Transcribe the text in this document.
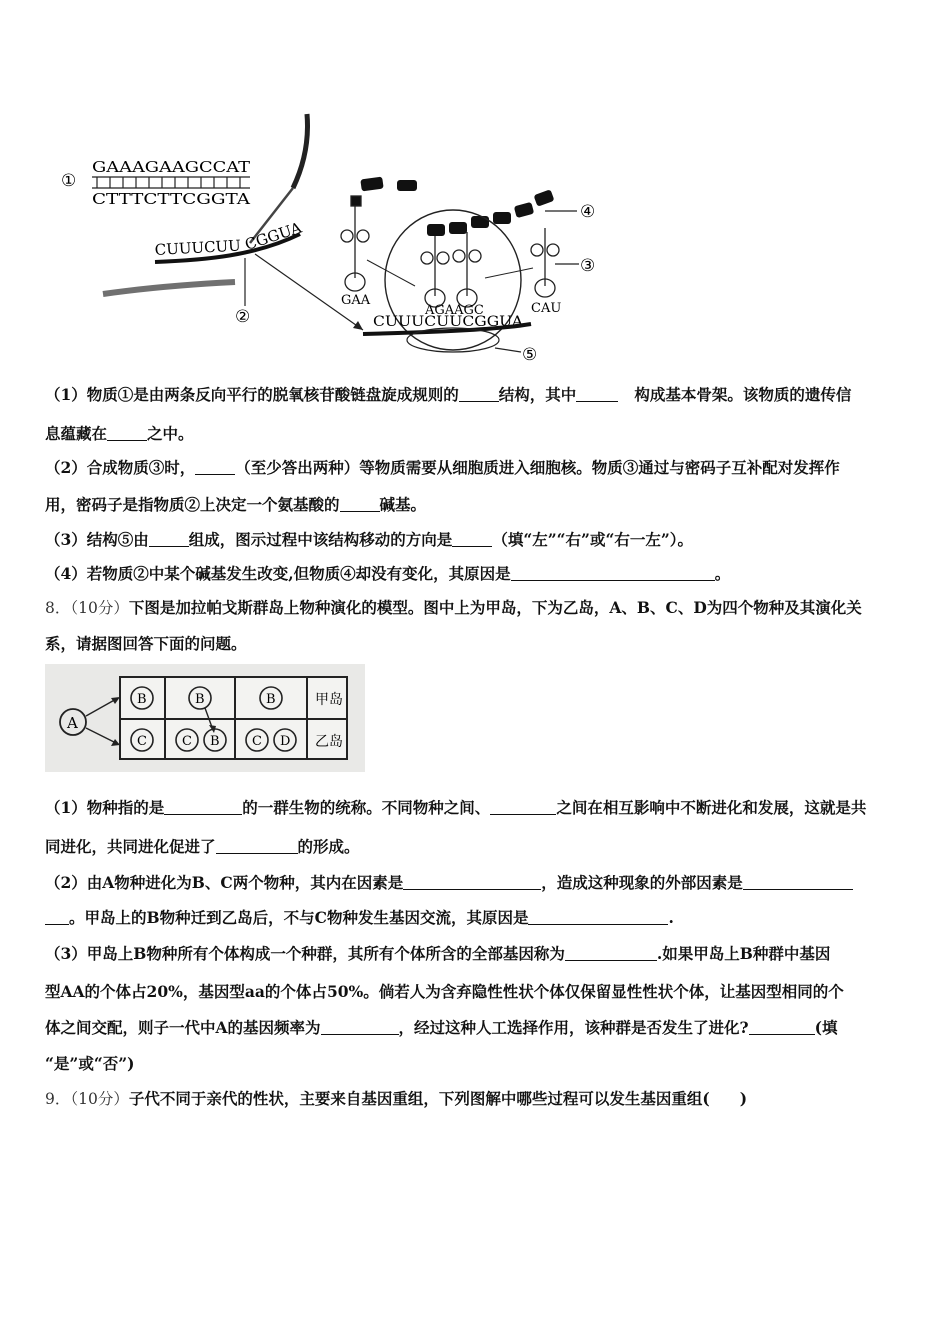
①
GAAAGAAGCCAT
CTTTCTTCGGTA
CUUUCUU CGGUA
②
④
GAA
AGAAGC	CAU
③
CUUUCUUCGGUA
⑤
（1）物质①是由两条反向平行的脱氧核苷酸链盘旋成规则的	结构，其中	构成基本骨架。该物质的遗传信
息蕴藏在	之中。
（2）合成物质③时，	（至少答出两种）等物质需要从细胞质进入细胞核。物质③通过与密码子互补配对发挥作
用，密码子是指物质②上决定一个氨基酸的	碱基。
（3）结构⑤由	组成，图示过程中该结构移动的方向是	（填“左”“右”或“右一左”）。
（4）若物质②中某个碱基发生改变,但物质④却没有变化，其原因是	。
8．（10分）下图是加拉帕戈斯群岛上物种演化的模型。图中上为甲岛，下为乙岛，A、B、C、D为四个物种及其演化关
系，请据图回答下面的问题。
A
B	B	B
C	C B C D
甲岛
乙岛
（1）物种指的是	的一群生物的统称。不同物种之间、	之间在相互影响中不断进化和发展，这就是共
同进化，共同进化促进了	的形成。
（2）由A物种进化为B、C两个物种，其内在因素是	，造成这种现象的外部因素是
。甲岛上的B物种迁到乙岛后，不与C物种发生基因交流，其原因是	.
（3）甲岛上B物种所有个体构成一个种群，其所有个体所含的全部基因称为	.如果甲岛上B种群中基因
型AA的个体占20%，基因型aa的个体占50%。倘若人为含弃隐性性状个体仅保留显性性状个体，让基因型相同的个
体之间交配，则子一代中A的基因频率为	，经过这种人工选择作用，该种群是否发生了进化?	(填
“是”或“否”)
9．（10分）子代不同于亲代的性状，主要来自基因重组，下列图解中哪些过程可以发生基因重组( )
